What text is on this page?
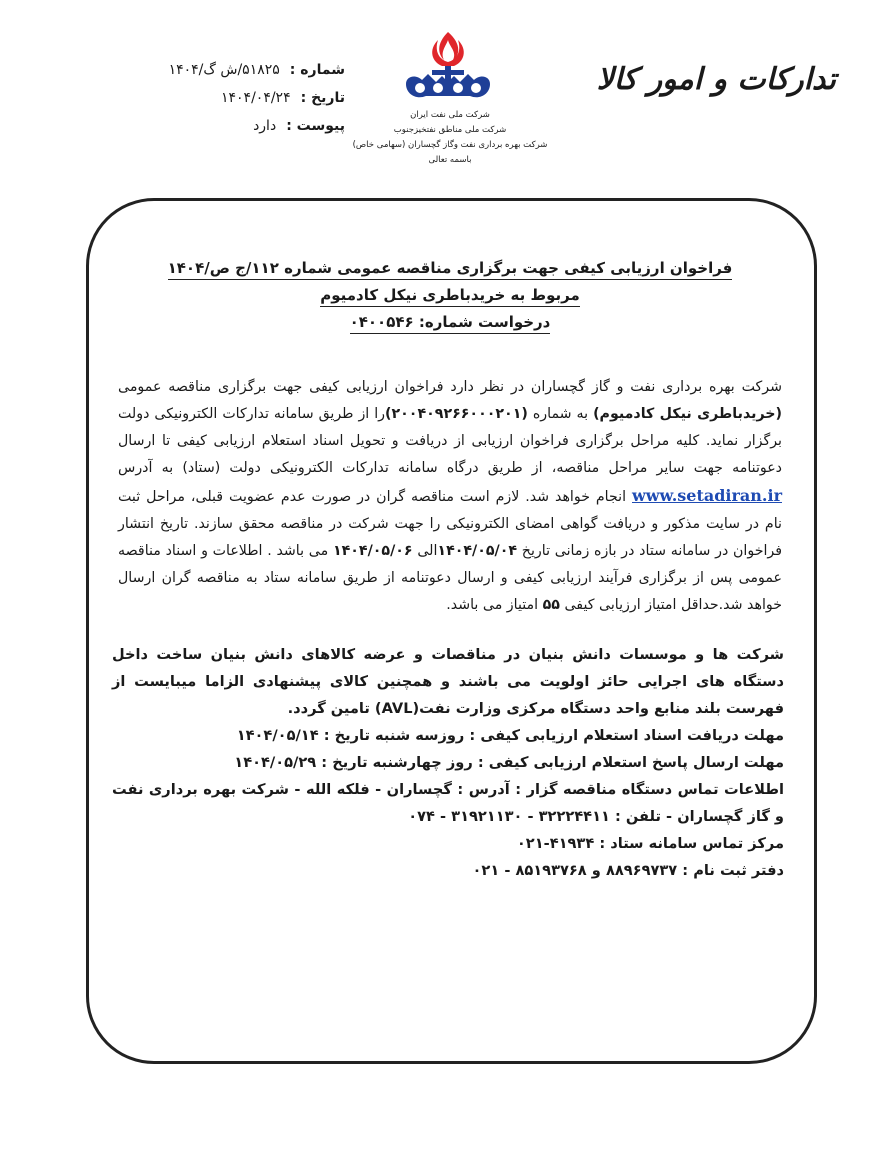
شماره :
۵۱۸۲۵/ش گ/۱۴۰۴
تاریخ :
۱۴۰۴/۰۴/۲۴
پیوست :
دارد
شرکت ملی نفت ایران
شرکت ملی مناطق نفتخیزجنوب
شرکت بهره برداری نفت وگاز گچساران (سهامی خاص)
باسمه تعالی
تدارکات و امور کالا
فراخوان ارزیابی کیفی جهت برگزاری مناقصه عمومی شماره ۱۱۲/ج ص/۱۴۰۴
مربوط به خریدباطری نیکل کادمیوم
درخواست شماره: ۰۴۰۰۵۴۶
شرکت بهره برداری نفت و گاز گچساران در نظر دارد فراخوان ارزیابی کیفی جهت برگزاری مناقصه عمومی (خریدباطری نیکل کادمیوم) به شماره (۲۰۰۴۰۹۲۶۶۰۰۰۲۰۱)را از طریق سامانه تدارکات الکترونیکی دولت برگزار نماید. کلیه مراحل برگزاری فراخوان ارزیابی از دریافت و تحویل اسناد استعلام ارزیابی کیفی تا ارسال دعوتنامه جهت سایر مراحل مناقصه، از طریق درگاه سامانه تدارکات الکترونیکی دولت (ستاد) به آدرس www.setadiran.ir انجام خواهد شد. لازم است مناقصه گران در صورت عدم عضویت قبلی، مراحل ثبت نام در سایت مذکور و دریافت گواهی امضای الکترونیکی را جهت شرکت در مناقصه محقق سازند. تاریخ انتشار فراخوان در سامانه ستاد در بازه زمانی تاریخ ۱۴۰۴/۰۵/۰۴الی ۱۴۰۴/۰۵/۰۶ می باشد . اطلاعات و اسناد مناقصه عمومی پس از برگزاری فرآیند ارزیابی کیفی و ارسال دعوتنامه از طریق سامانه ستاد به مناقصه گران ارسال خواهد شد.حداقل امتیاز ارزیابی کیفی ۵۵ امتیاز می باشد.

شرکت ها و موسسات دانش بنیان در مناقصات و عرضه کالاهای دانش بنیان ساخت داخل دستگاه های اجرایی حائز اولویت می باشند و همچنین کالای پیشنهادی الزاما میبایست از فهرست بلند منابع واحد دستگاه مرکزی وزارت نفت(AVL) تامین گردد.

مهلت دریافت اسناد استعلام ارزیابی کیفی : روزسه شنبه تاریخ : ۱۴۰۴/۰۵/۱۴

مهلت ارسال پاسخ استعلام ارزیابی کیفی : روز چهارشنبه تاریخ : ۱۴۰۴/۰۵/۲۹

اطلاعات تماس دستگاه مناقصه گزار : آدرس : گچساران - فلکه الله - شرکت بهره برداری نفت و گاز گچساران - تلفن : ۳۲۲۲۴۴۱۱ - ۳۱۹۲۱۱۳۰ - ۰۷۴

مرکز تماس سامانه ستاد : ۴۱۹۳۴-۰۲۱

دفتر ثبت نام : ۸۸۹۶۹۷۳۷ و ۸۵۱۹۳۷۶۸ - ۰۲۱
